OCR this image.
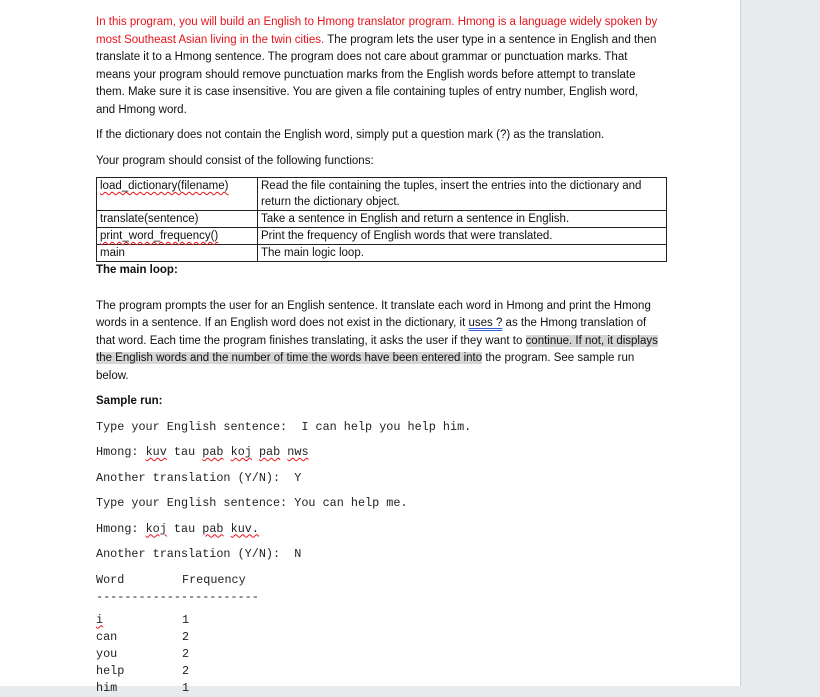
In this program, you will build an English to Hmong translator program. Hmong is a language widely spoken by most Southeast Asian living in the twin cities. The program lets the user type in a sentence in English and then translate it to a Hmong sentence. The program does not care about grammar or punctuation marks. That means your program should remove punctuation marks from the English words before attempt to translate them. Make sure it is case insensitive. You are given a file containing tuples of entry number, English word, and Hmong word.

If the dictionary does not contain the English word, simply put a question mark (?) as the translation.

Your program should consist of the following functions:

load_dictionary(filename)	Read the file containing the tuples, insert the entries into the dictionary and return the dictionary object.
translate(sentence)	Take a sentence in English and return a sentence in English.
print_word_frequency()	Print the frequency of English words that were translated.
main	The main logic loop.

The main loop:

The program prompts the user for an English sentence. It translate each word in Hmong and print the Hmong words in a sentence. If an English word does not exist in the dictionary, it uses ? as the Hmong translation of that word. Each time the program finishes translating, it asks the user if they want to continue. If not, it displays the English words and the number of time the words have been entered into the program. See sample run below.

Sample run:

Type your English sentence: I can help you help him.

Hmong: kuv tau pab koj pab nws

Another translation (Y/N): Y

Type your English sentence: You can help me.

Hmong: koj tau pab kuv.

Another translation (Y/N): N

Word	Frequency

-----------------------

i	1

can	2

you	2

help	2

him	1
